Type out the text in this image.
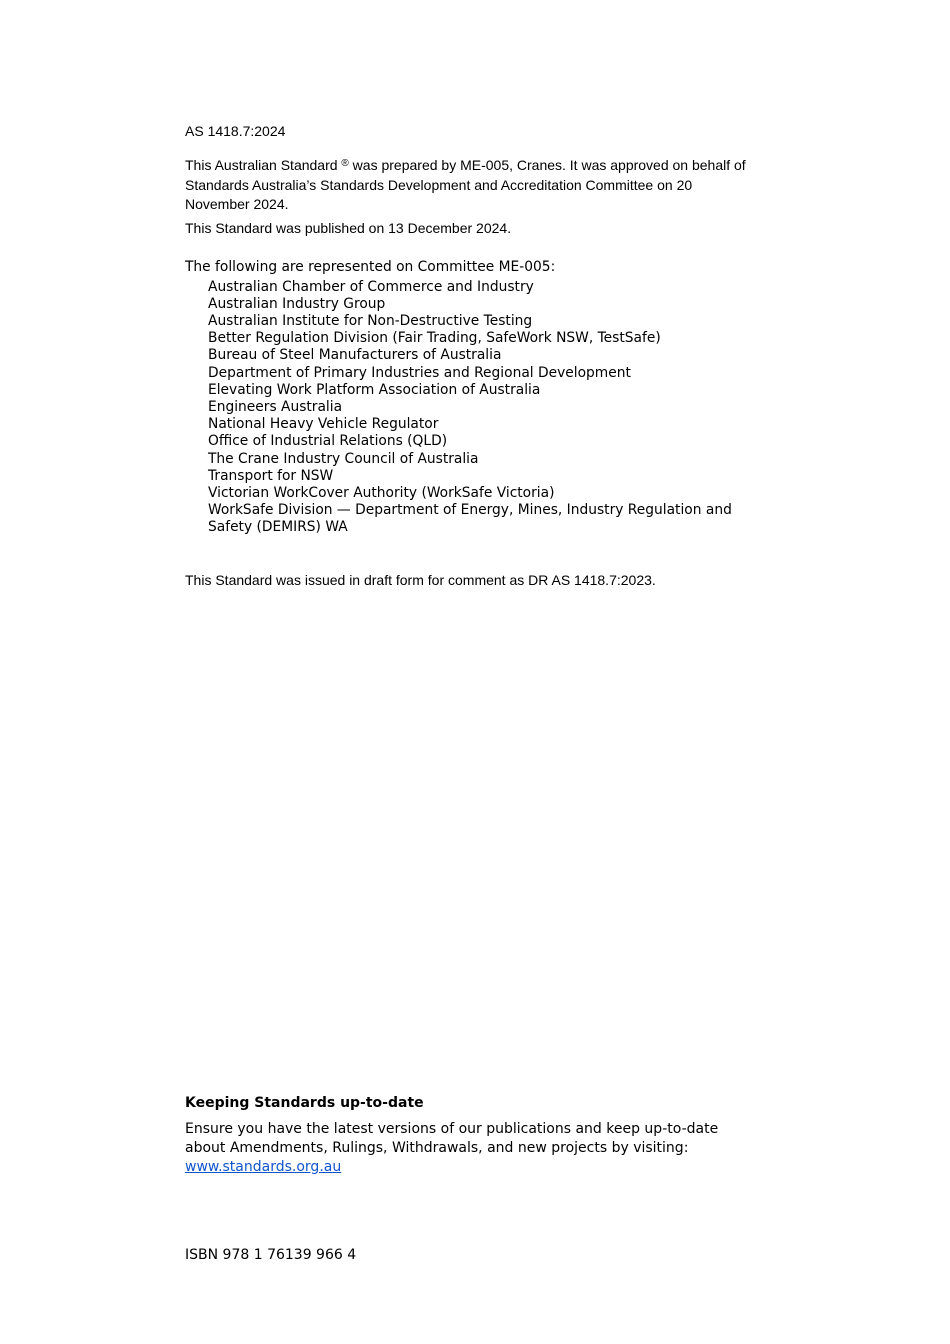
AS 1418.7:2024
This Australian Standard ® was prepared by ME-005, Cranes. It was approved on behalf of Standards Australia’s Standards Development and Accreditation Committee on 20 November 2024.
This Standard was published on 13 December 2024.
The following are represented on Committee ME-005:
Australian Chamber of Commerce and Industry
Australian Industry Group
Australian Institute for Non-Destructive Testing
Better Regulation Division (Fair Trading, SafeWork NSW, TestSafe)
Bureau of Steel Manufacturers of Australia
Department of Primary Industries and Regional Development
Elevating Work Platform Association of Australia
Engineers Australia
National Heavy Vehicle Regulator
Office of Industrial Relations (QLD)
The Crane Industry Council of Australia
Transport for NSW
Victorian WorkCover Authority (WorkSafe Victoria)
WorkSafe Division — Department of Energy, Mines, Industry Regulation and Safety (DEMIRS) WA
This Standard was issued in draft form for comment as DR AS 1418.7:2023.
Keeping Standards up-to-date
Ensure you have the latest versions of our publications and keep up-to-date about Amendments, Rulings, Withdrawals, and new projects by visiting:
www.standards.org.au
ISBN 978 1 76139 966 4
